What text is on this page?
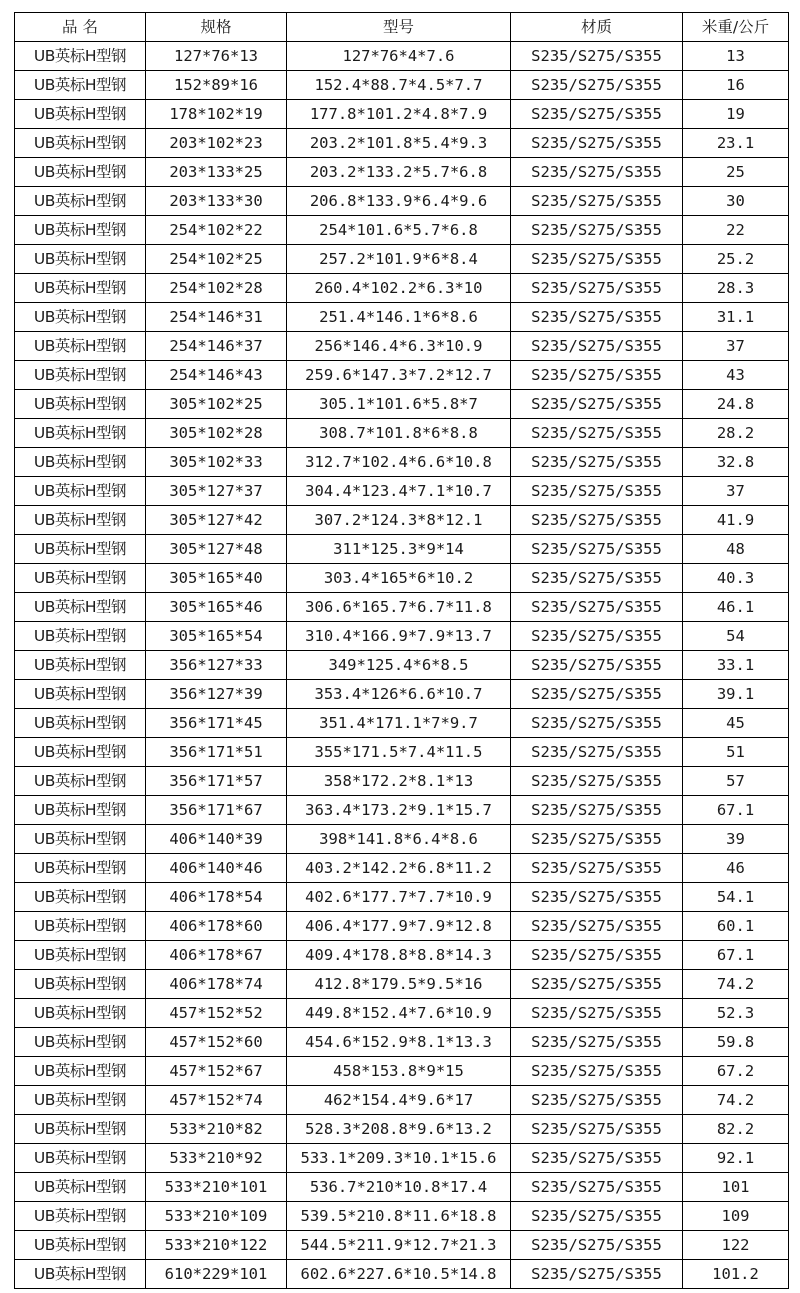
品 名	规格	型号	材质	米重/公斤
UB英标H型钢	127*76*13	127*76*4*7.6	S235/S275/S355	13
UB英标H型钢	152*89*16	152.4*88.7*4.5*7.7	S235/S275/S355	16
UB英标H型钢	178*102*19	177.8*101.2*4.8*7.9	S235/S275/S355	19
UB英标H型钢	203*102*23	203.2*101.8*5.4*9.3	S235/S275/S355	23.1
UB英标H型钢	203*133*25	203.2*133.2*5.7*6.8	S235/S275/S355	25
UB英标H型钢	203*133*30	206.8*133.9*6.4*9.6	S235/S275/S355	30
UB英标H型钢	254*102*22	254*101.6*5.7*6.8	S235/S275/S355	22
UB英标H型钢	254*102*25	257.2*101.9*6*8.4	S235/S275/S355	25.2
UB英标H型钢	254*102*28	260.4*102.2*6.3*10	S235/S275/S355	28.3
UB英标H型钢	254*146*31	251.4*146.1*6*8.6	S235/S275/S355	31.1
UB英标H型钢	254*146*37	256*146.4*6.3*10.9	S235/S275/S355	37
UB英标H型钢	254*146*43	259.6*147.3*7.2*12.7	S235/S275/S355	43
UB英标H型钢	305*102*25	305.1*101.6*5.8*7	S235/S275/S355	24.8
UB英标H型钢	305*102*28	308.7*101.8*6*8.8	S235/S275/S355	28.2
UB英标H型钢	305*102*33	312.7*102.4*6.6*10.8	S235/S275/S355	32.8
UB英标H型钢	305*127*37	304.4*123.4*7.1*10.7	S235/S275/S355	37
UB英标H型钢	305*127*42	307.2*124.3*8*12.1	S235/S275/S355	41.9
UB英标H型钢	305*127*48	311*125.3*9*14	S235/S275/S355	48
UB英标H型钢	305*165*40	303.4*165*6*10.2	S235/S275/S355	40.3
UB英标H型钢	305*165*46	306.6*165.7*6.7*11.8	S235/S275/S355	46.1
UB英标H型钢	305*165*54	310.4*166.9*7.9*13.7	S235/S275/S355	54
UB英标H型钢	356*127*33	349*125.4*6*8.5	S235/S275/S355	33.1
UB英标H型钢	356*127*39	353.4*126*6.6*10.7	S235/S275/S355	39.1
UB英标H型钢	356*171*45	351.4*171.1*7*9.7	S235/S275/S355	45
UB英标H型钢	356*171*51	355*171.5*7.4*11.5	S235/S275/S355	51
UB英标H型钢	356*171*57	358*172.2*8.1*13	S235/S275/S355	57
UB英标H型钢	356*171*67	363.4*173.2*9.1*15.7	S235/S275/S355	67.1
UB英标H型钢	406*140*39	398*141.8*6.4*8.6	S235/S275/S355	39
UB英标H型钢	406*140*46	403.2*142.2*6.8*11.2	S235/S275/S355	46
UB英标H型钢	406*178*54	402.6*177.7*7.7*10.9	S235/S275/S355	54.1
UB英标H型钢	406*178*60	406.4*177.9*7.9*12.8	S235/S275/S355	60.1
UB英标H型钢	406*178*67	409.4*178.8*8.8*14.3	S235/S275/S355	67.1
UB英标H型钢	406*178*74	412.8*179.5*9.5*16	S235/S275/S355	74.2
UB英标H型钢	457*152*52	449.8*152.4*7.6*10.9	S235/S275/S355	52.3
UB英标H型钢	457*152*60	454.6*152.9*8.1*13.3	S235/S275/S355	59.8
UB英标H型钢	457*152*67	458*153.8*9*15	S235/S275/S355	67.2
UB英标H型钢	457*152*74	462*154.4*9.6*17	S235/S275/S355	74.2
UB英标H型钢	533*210*82	528.3*208.8*9.6*13.2	S235/S275/S355	82.2
UB英标H型钢	533*210*92	533.1*209.3*10.1*15.6	S235/S275/S355	92.1
UB英标H型钢	533*210*101	536.7*210*10.8*17.4	S235/S275/S355	101
UB英标H型钢	533*210*109	539.5*210.8*11.6*18.8	S235/S275/S355	109
UB英标H型钢	533*210*122	544.5*211.9*12.7*21.3	S235/S275/S355	122
UB英标H型钢	610*229*101	602.6*227.6*10.5*14.8	S235/S275/S355	101.2
